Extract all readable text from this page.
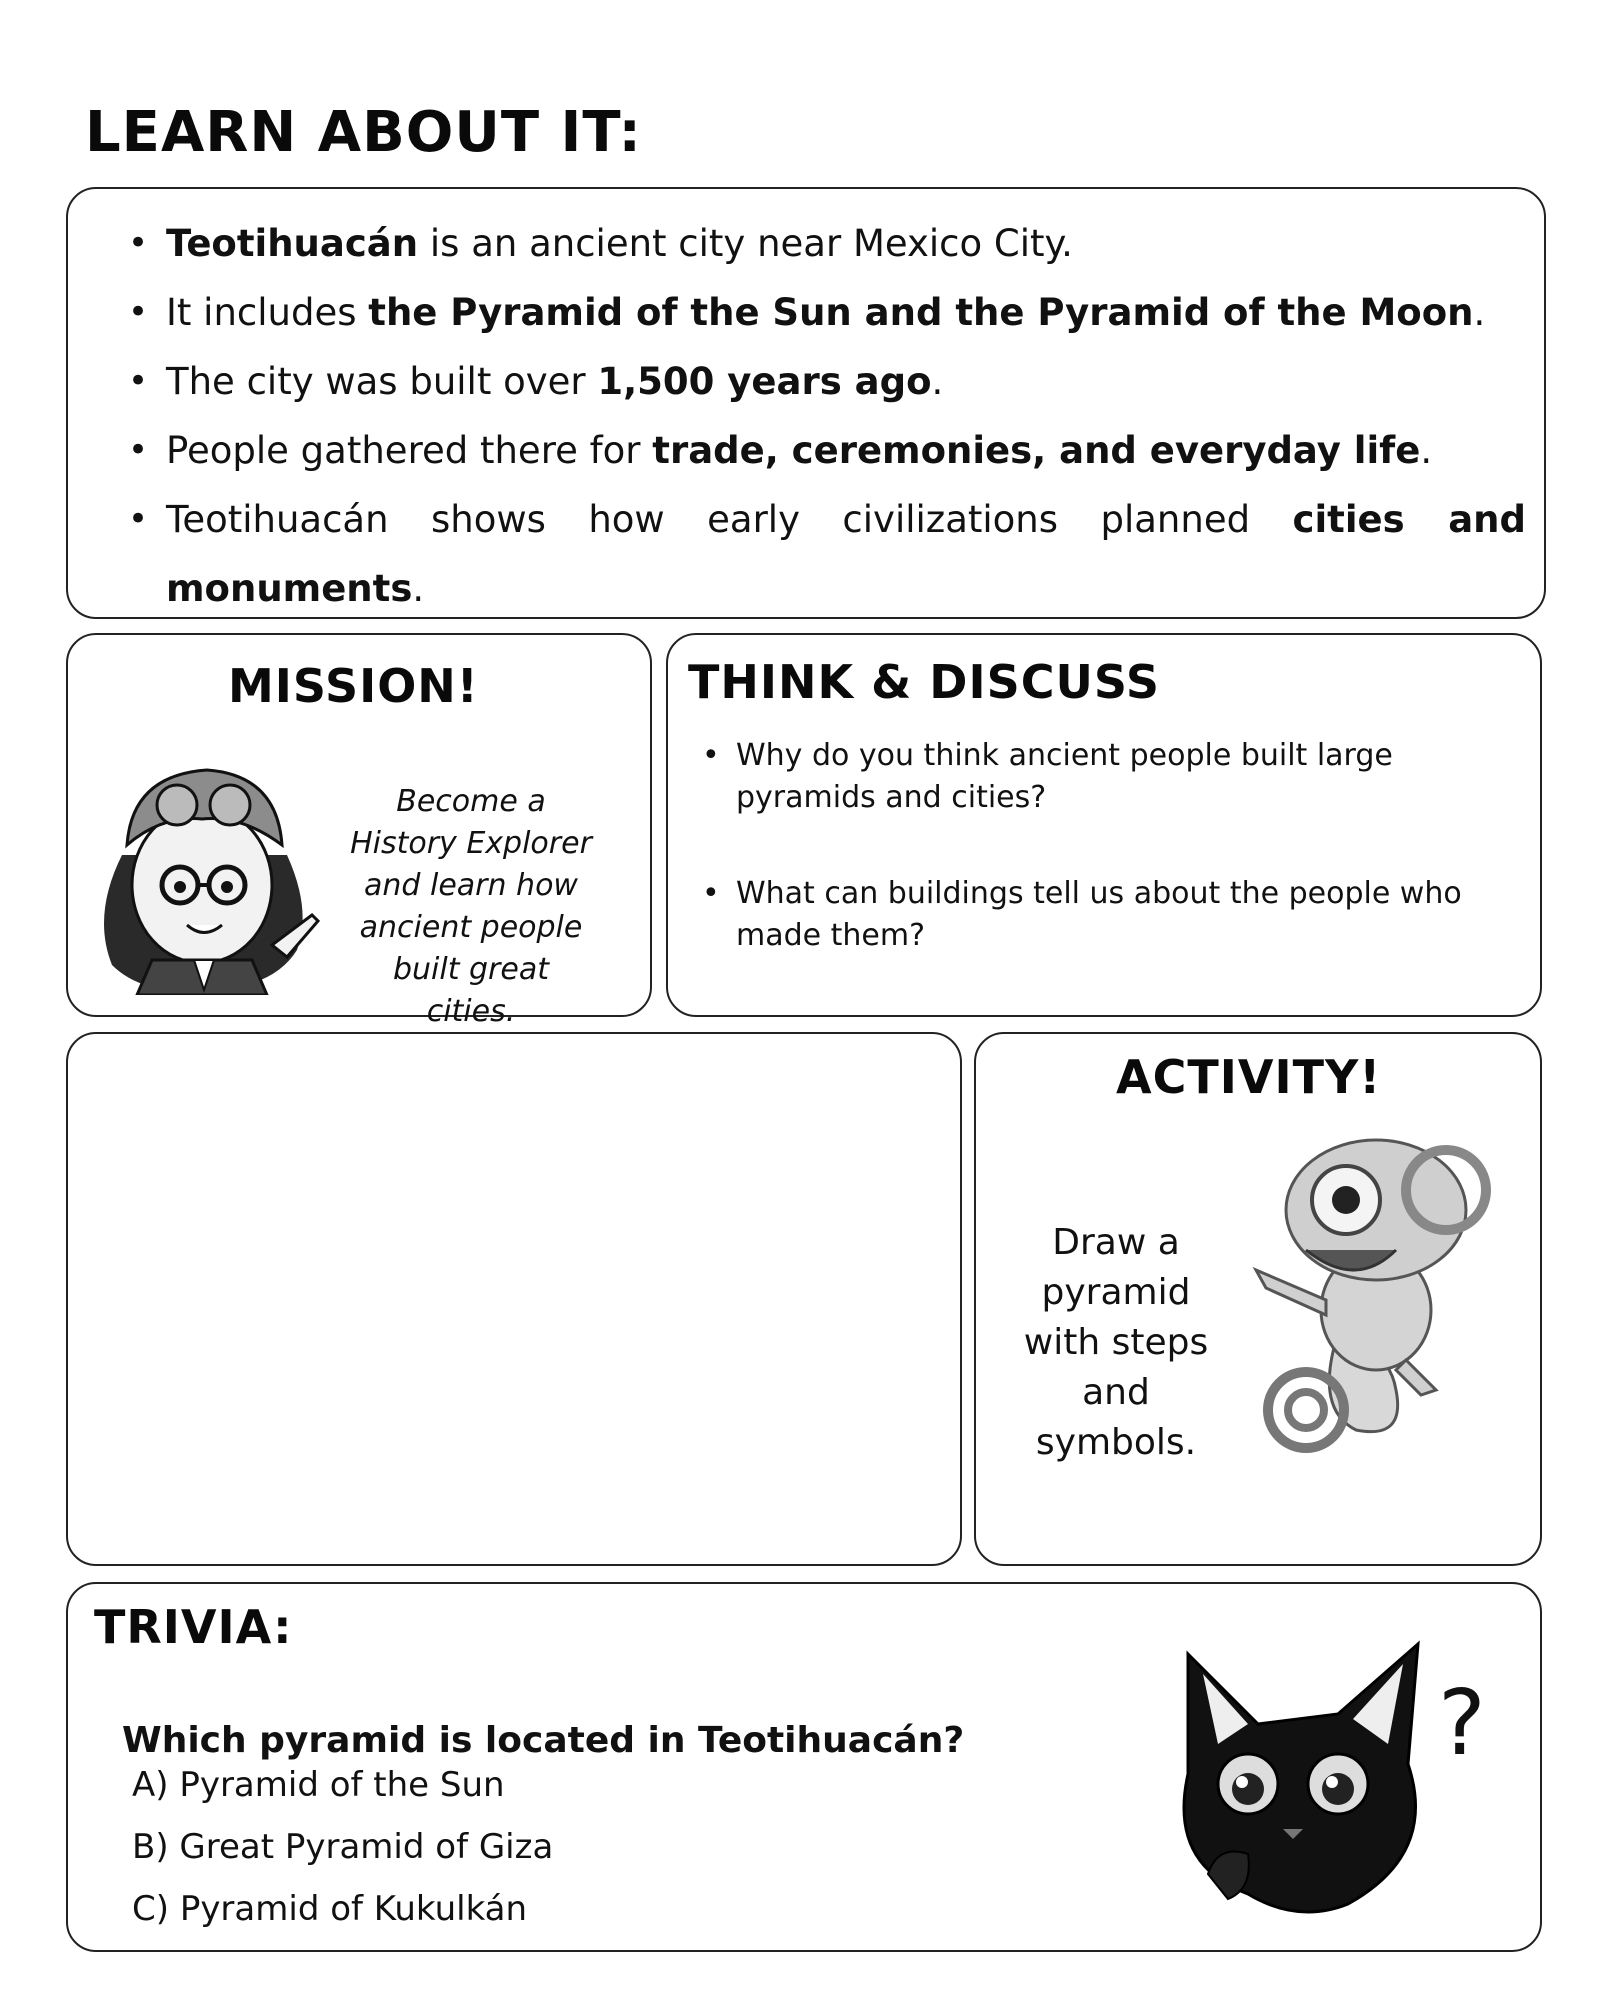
LEARN ABOUT IT:
• Teotihuacán is an ancient city near Mexico City.
• It includes the Pyramid of the Sun and the Pyramid of the Moon.
• The city was built over 1,500 years ago.
• People gathered there for trade, ceremonies, and everyday life.
• Teotihuacán shows how early civilizations planned cities and monuments.
MISSION!

Become a History Explorer and learn how ancient people built great cities.

THINK & DISCUSS
• Why do you think ancient people built large pyramids and cities?
• What can buildings tell us about the people who made them?
ACTIVITY!

Draw a pyramid with steps and symbols.

TRIVIA:

Which pyramid is located in Teotihuacán?

A) Pyramid of the Sun
B) Great Pyramid of Giza
C) Pyramid of Kukulkán
?
